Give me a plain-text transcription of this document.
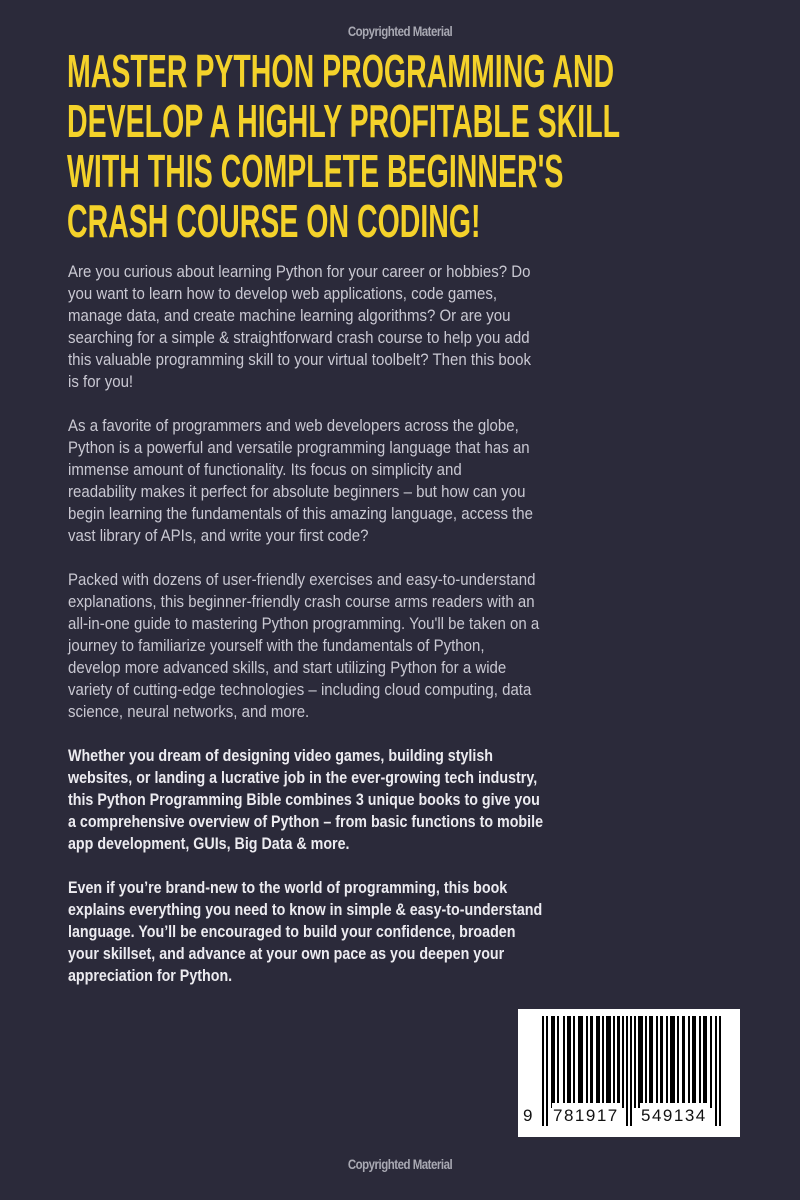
Copyrighted Material
MASTER PYTHON PROGRAMMING AND
DEVELOP A HIGHLY PROFITABLE SKILL
WITH THIS COMPLETE BEGINNER'S
CRASH COURSE ON CODING!

Are you curious about learning Python for your career or hobbies? Do
you want to learn how to develop web applications, code games,
manage data, and create machine learning algorithms? Or are you
searching for a simple & straightforward crash course to help you add
this valuable programming skill to your virtual toolbelt? Then this book
is for you!

As a favorite of programmers and web developers across the globe,
Python is a powerful and versatile programming language that has an
immense amount of functionality. Its focus on simplicity and
readability makes it perfect for absolute beginners – but how can you
begin learning the fundamentals of this amazing language, access the
vast library of APIs, and write your first code?

Packed with dozens of user-friendly exercises and easy-to-understand
explanations, this beginner-friendly crash course arms readers with an
all-in-one guide to mastering Python programming. You'll be taken on a
journey to familiarize yourself with the fundamentals of Python,
develop more advanced skills, and start utilizing Python for a wide
variety of cutting-edge technologies – including cloud computing, data
science, neural networks, and more.

Whether you dream of designing video games, building stylish
websites, or landing a lucrative job in the ever-growing tech industry,
this Python Programming Bible combines 3 unique books to give you
a comprehensive overview of Python – from basic functions to mobile
app development, GUIs, Big Data & more.

Even if you’re brand-new to the world of programming, this book
explains everything you need to know in simple & easy-to-understand
language. You’ll be encouraged to build your confidence, broaden
your skillset, and advance at your own pace as you deepen your
appreciation for Python.

9 781917 549134
Copyrighted Material
